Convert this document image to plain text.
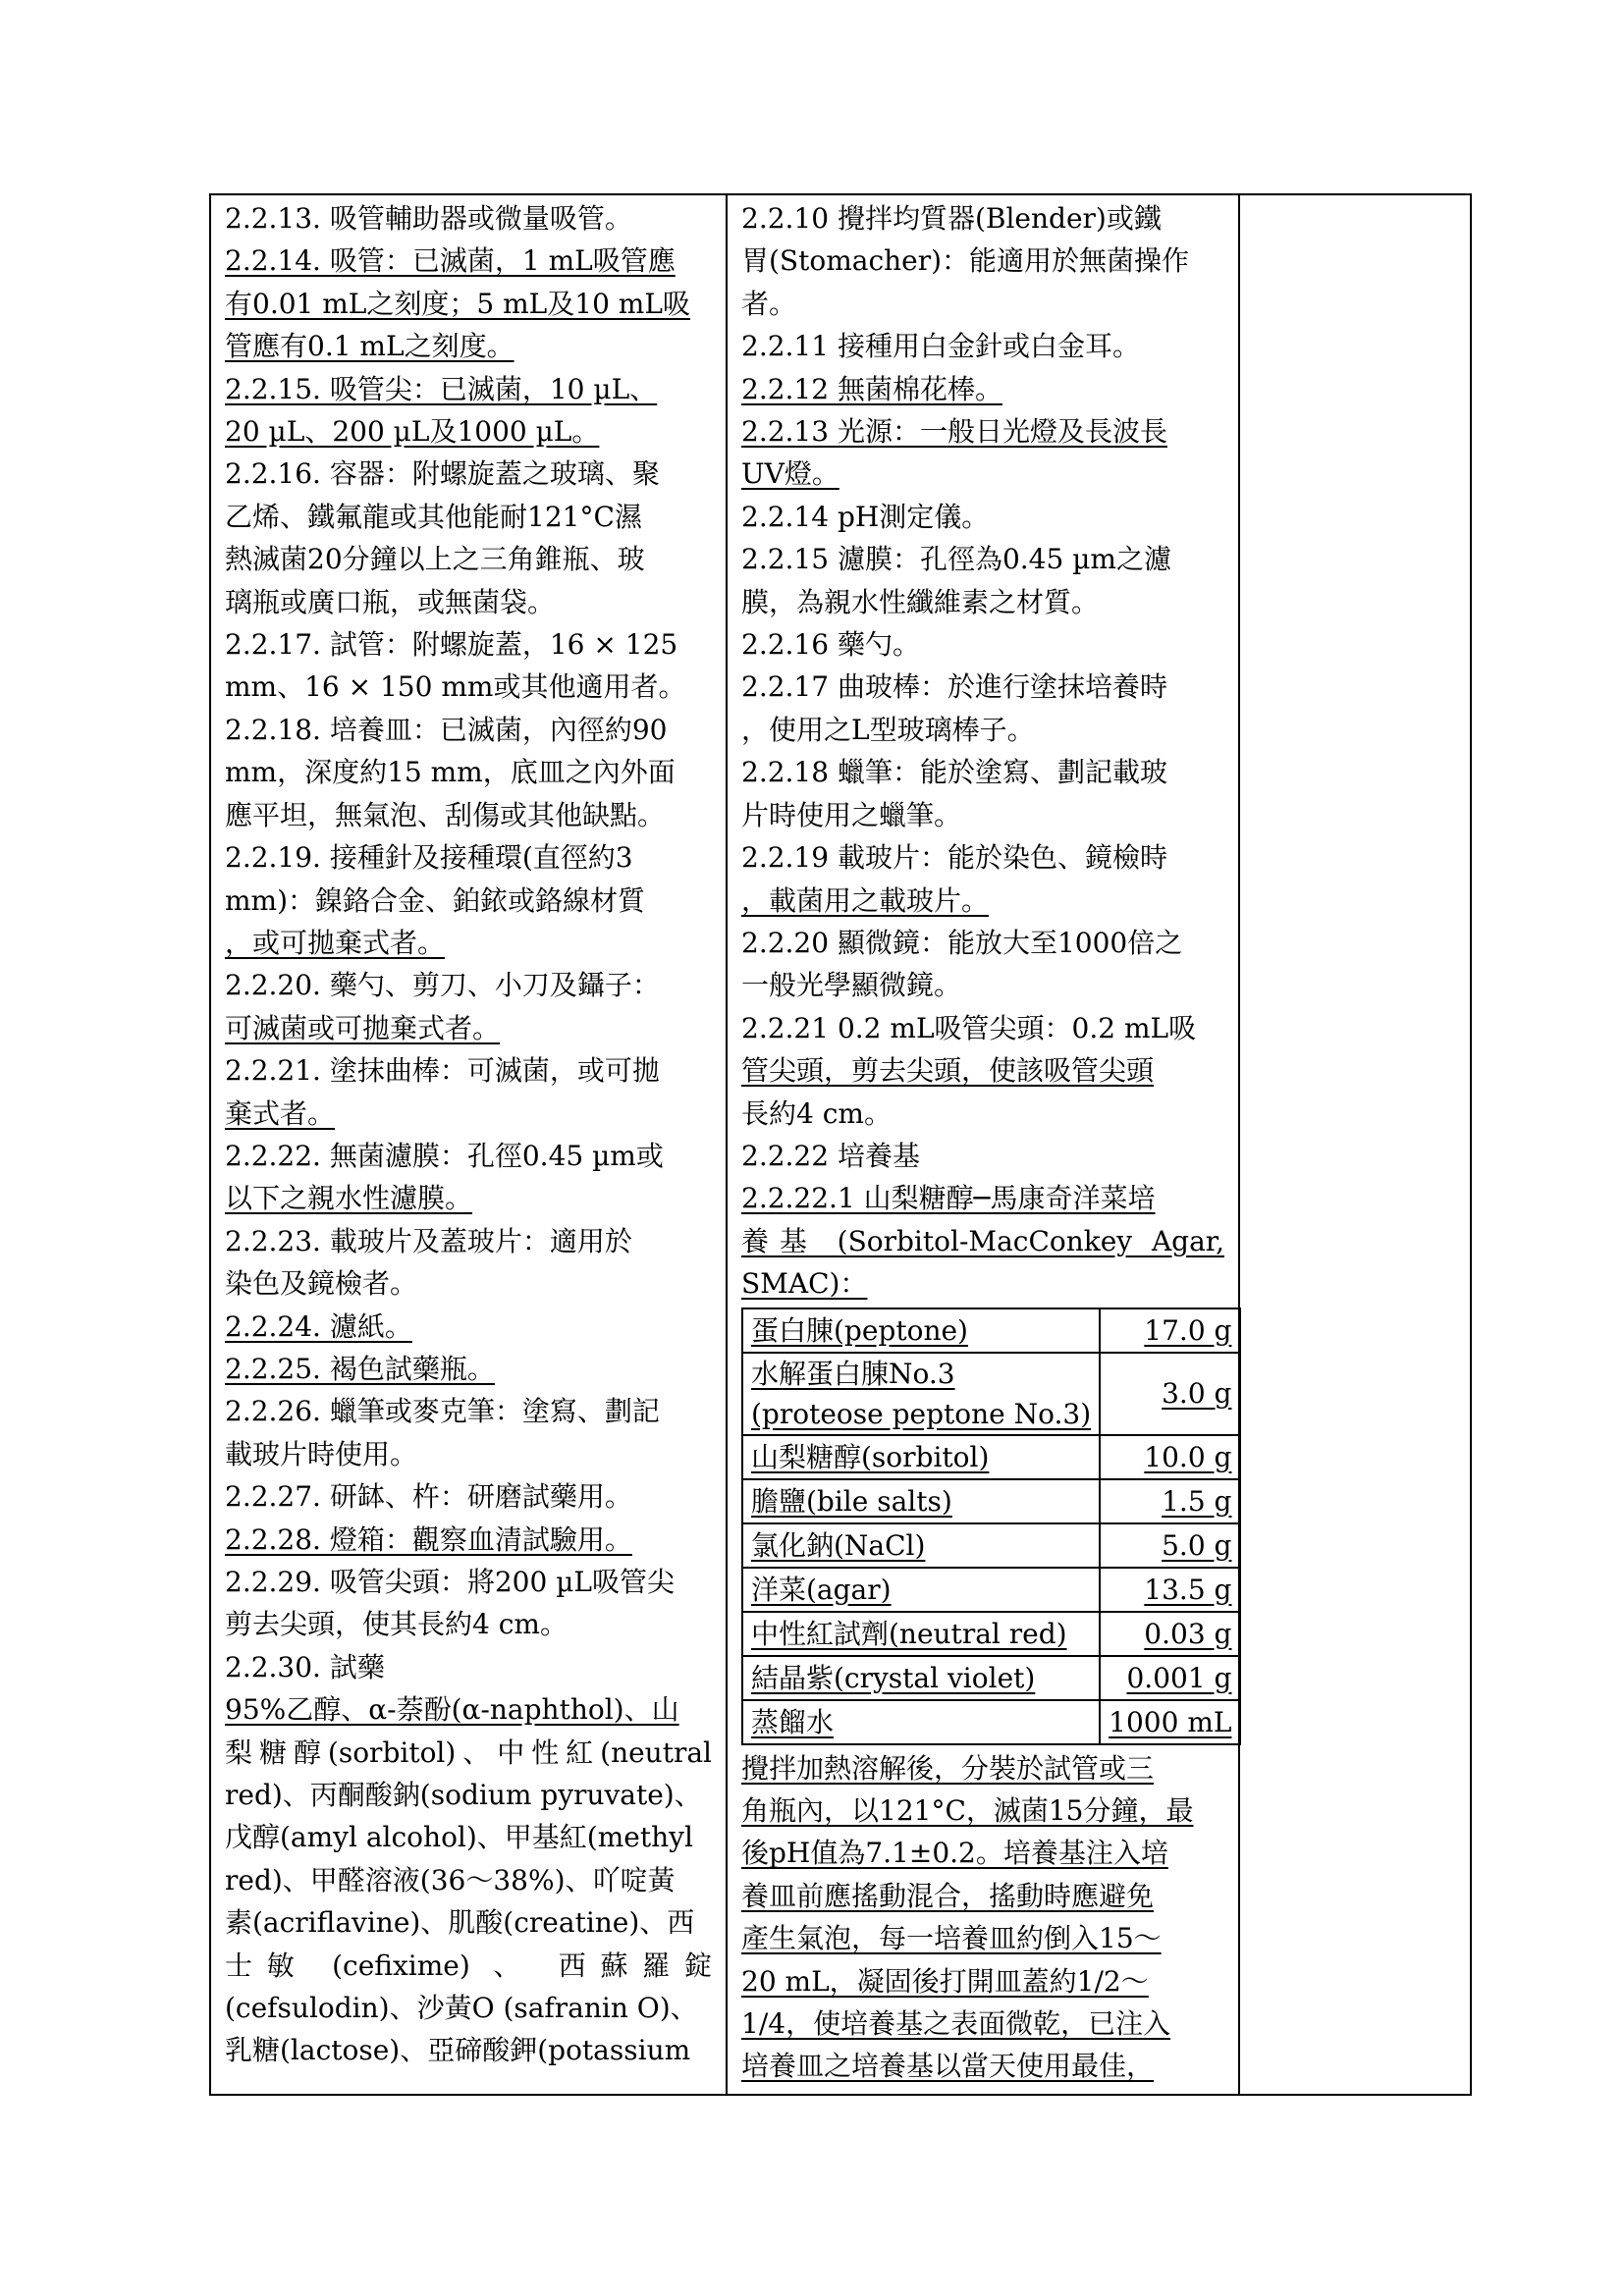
2.2.13. 吸管輔助器或微量吸管。
2.2.14. 吸管：已滅菌，1 mL吸管應
有0.01 mL之刻度；5 mL及10 mL吸
管應有0.1 mL之刻度。
2.2.15. 吸管尖：已滅菌，10 µL、
20 µL、200 µL及1000 µL。
2.2.16. 容器：附螺旋蓋之玻璃、聚
乙烯、鐵氟龍或其他能耐121°C濕
熱滅菌20分鐘以上之三角錐瓶、玻
璃瓶或廣口瓶，或無菌袋。
2.2.17. 試管：附螺旋蓋，16 × 125
mm、16 × 150 mm或其他適用者。
2.2.18. 培養皿：已滅菌，內徑約90
mm，深度約15 mm，底皿之內外面
應平坦，無氣泡、刮傷或其他缺點。
2.2.19. 接種針及接種環(直徑約3
mm)：鎳鉻合金、鉑銥或鉻線材質
，或可拋棄式者。
2.2.20. 藥勺、剪刀、小刀及鑷子：
可滅菌或可拋棄式者。
2.2.21. 塗抹曲棒：可滅菌，或可拋
棄式者。
2.2.22. 無菌濾膜：孔徑0.45 µm或
以下之親水性濾膜。
2.2.23. 載玻片及蓋玻片：適用於
染色及鏡檢者。
2.2.24. 濾紙。
2.2.25. 褐色試藥瓶。
2.2.26. 蠟筆或麥克筆：塗寫、劃記
載玻片時使用。
2.2.27. 研缽、杵：研磨試藥用。
2.2.28. 燈箱：觀察血清試驗用。
2.2.29. 吸管尖頭：將200 µL吸管尖
剪去尖頭，使其長約4 cm。
2.2.30. 試藥
95%乙醇、α-萘酚(α-naphthol)、山
梨糖醇(sorbitol)、中性紅(neutral
red)、丙酮酸鈉(sodium pyruvate)、
戊醇(amyl alcohol)、甲基紅(methyl
red)、甲醛溶液(36～38%)、吖啶黃
素(acriflavine)、肌酸(creatine)、西
士敏 (cefixime) 、 西蘇羅錠
(cefsulodin)、沙黃O (safranin O)、
乳糖(lactose)、亞碲酸鉀(potassium

2.2.10 攪拌均質器(Blender)或鐵
胃(Stomacher)：能適用於無菌操作
者。
2.2.11 接種用白金針或白金耳。
2.2.12 無菌棉花棒。
2.2.13 光源：一般日光燈及長波長
UV燈。
2.2.14 pH測定儀。
2.2.15 濾膜：孔徑為0.45 µm之濾
膜，為親水性纖維素之材質。
2.2.16 藥勺。
2.2.17 曲玻棒：於進行塗抹培養時
，使用之L型玻璃棒子。
2.2.18 蠟筆：能於塗寫、劃記載玻
片時使用之蠟筆。
2.2.19 載玻片：能於染色、鏡檢時
，載菌用之載玻片。
2.2.20 顯微鏡：能放大至1000倍之
一般光學顯微鏡。
2.2.21 0.2 mL吸管尖頭：0.2 mL吸
管尖頭，剪去尖頭，使該吸管尖頭
長約4 cm。
2.2.22 培養基
2.2.22.1 山梨糖醇─馬康奇洋菜培
養基 (Sorbitol-MacConkey Agar,
SMAC)：
蛋白腖(peptone)	17.0 g

水解蛋白腖No.3
(proteose peptone No.3)
	3.0 g
山梨糖醇(sorbitol)	10.0 g
膽鹽(bile salts)	1.5 g
氯化鈉(NaCl)	5.0 g
洋菜(agar)	13.5 g
中性紅試劑(neutral red)	0.03 g
結晶紫(crystal violet)	0.001 g
蒸餾水	1000 mL
攪拌加熱溶解後，分裝於試管或三
角瓶內，以121°C，滅菌15分鐘，最
後pH值為7.1±0.2。培養基注入培
養皿前應搖動混合，搖動時應避免
產生氣泡，每一培養皿約倒入15～
20 mL，凝固後打開皿蓋約1/2～
1/4，使培養基之表面微乾，已注入
培養皿之培養基以當天使用最佳，
